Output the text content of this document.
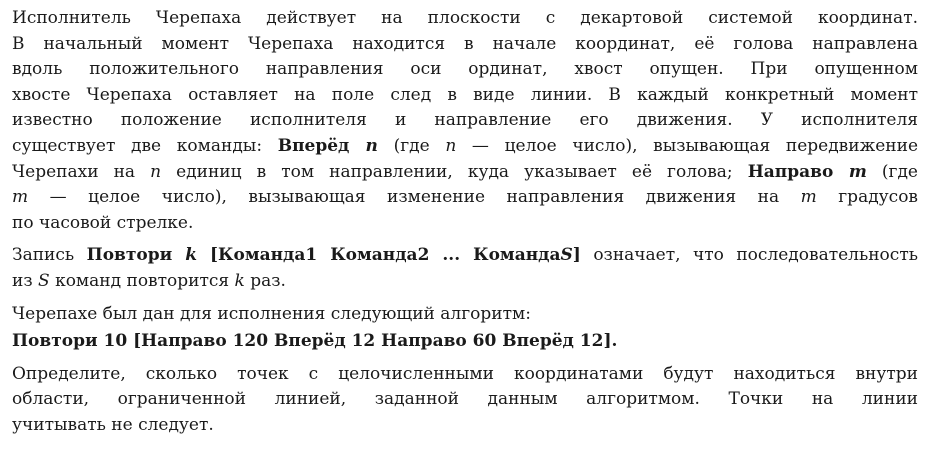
Исполнитель Черепаха действует на плоскости с декартовой системой координат.
В начальный момент Черепаха находится в начале координат, её голова направлена
вдоль положительного направления оси ординат, хвост опущен. При опущенном
хвосте Черепаха оставляет на поле след в виде линии. В каждый конкретный момент
известно положение исполнителя и направление его движения. У исполнителя
существует две команды: Вперёд n (где n — целое число), вызывающая передвижение
Черепахи на n единиц в том направлении, куда указывает её голова; Направо m (где
m — целое число), вызывающая изменение направления движения на m градусов
по часовой стрелке.

Запись Повтори k [Команда1 Команда2 ... КомандаS] означает, что последовательность
из S команд повторится k раз.

Черепахе был дан для исполнения следующий алгоритм:

Повтори 10 [Направо 120 Вперёд 12 Направо 60 Вперёд 12].

Определите, сколько точек с целочисленными координатами будут находиться внутри
области, ограниченной линией, заданной данным алгоритмом. Точки на линии
учитывать не следует.
